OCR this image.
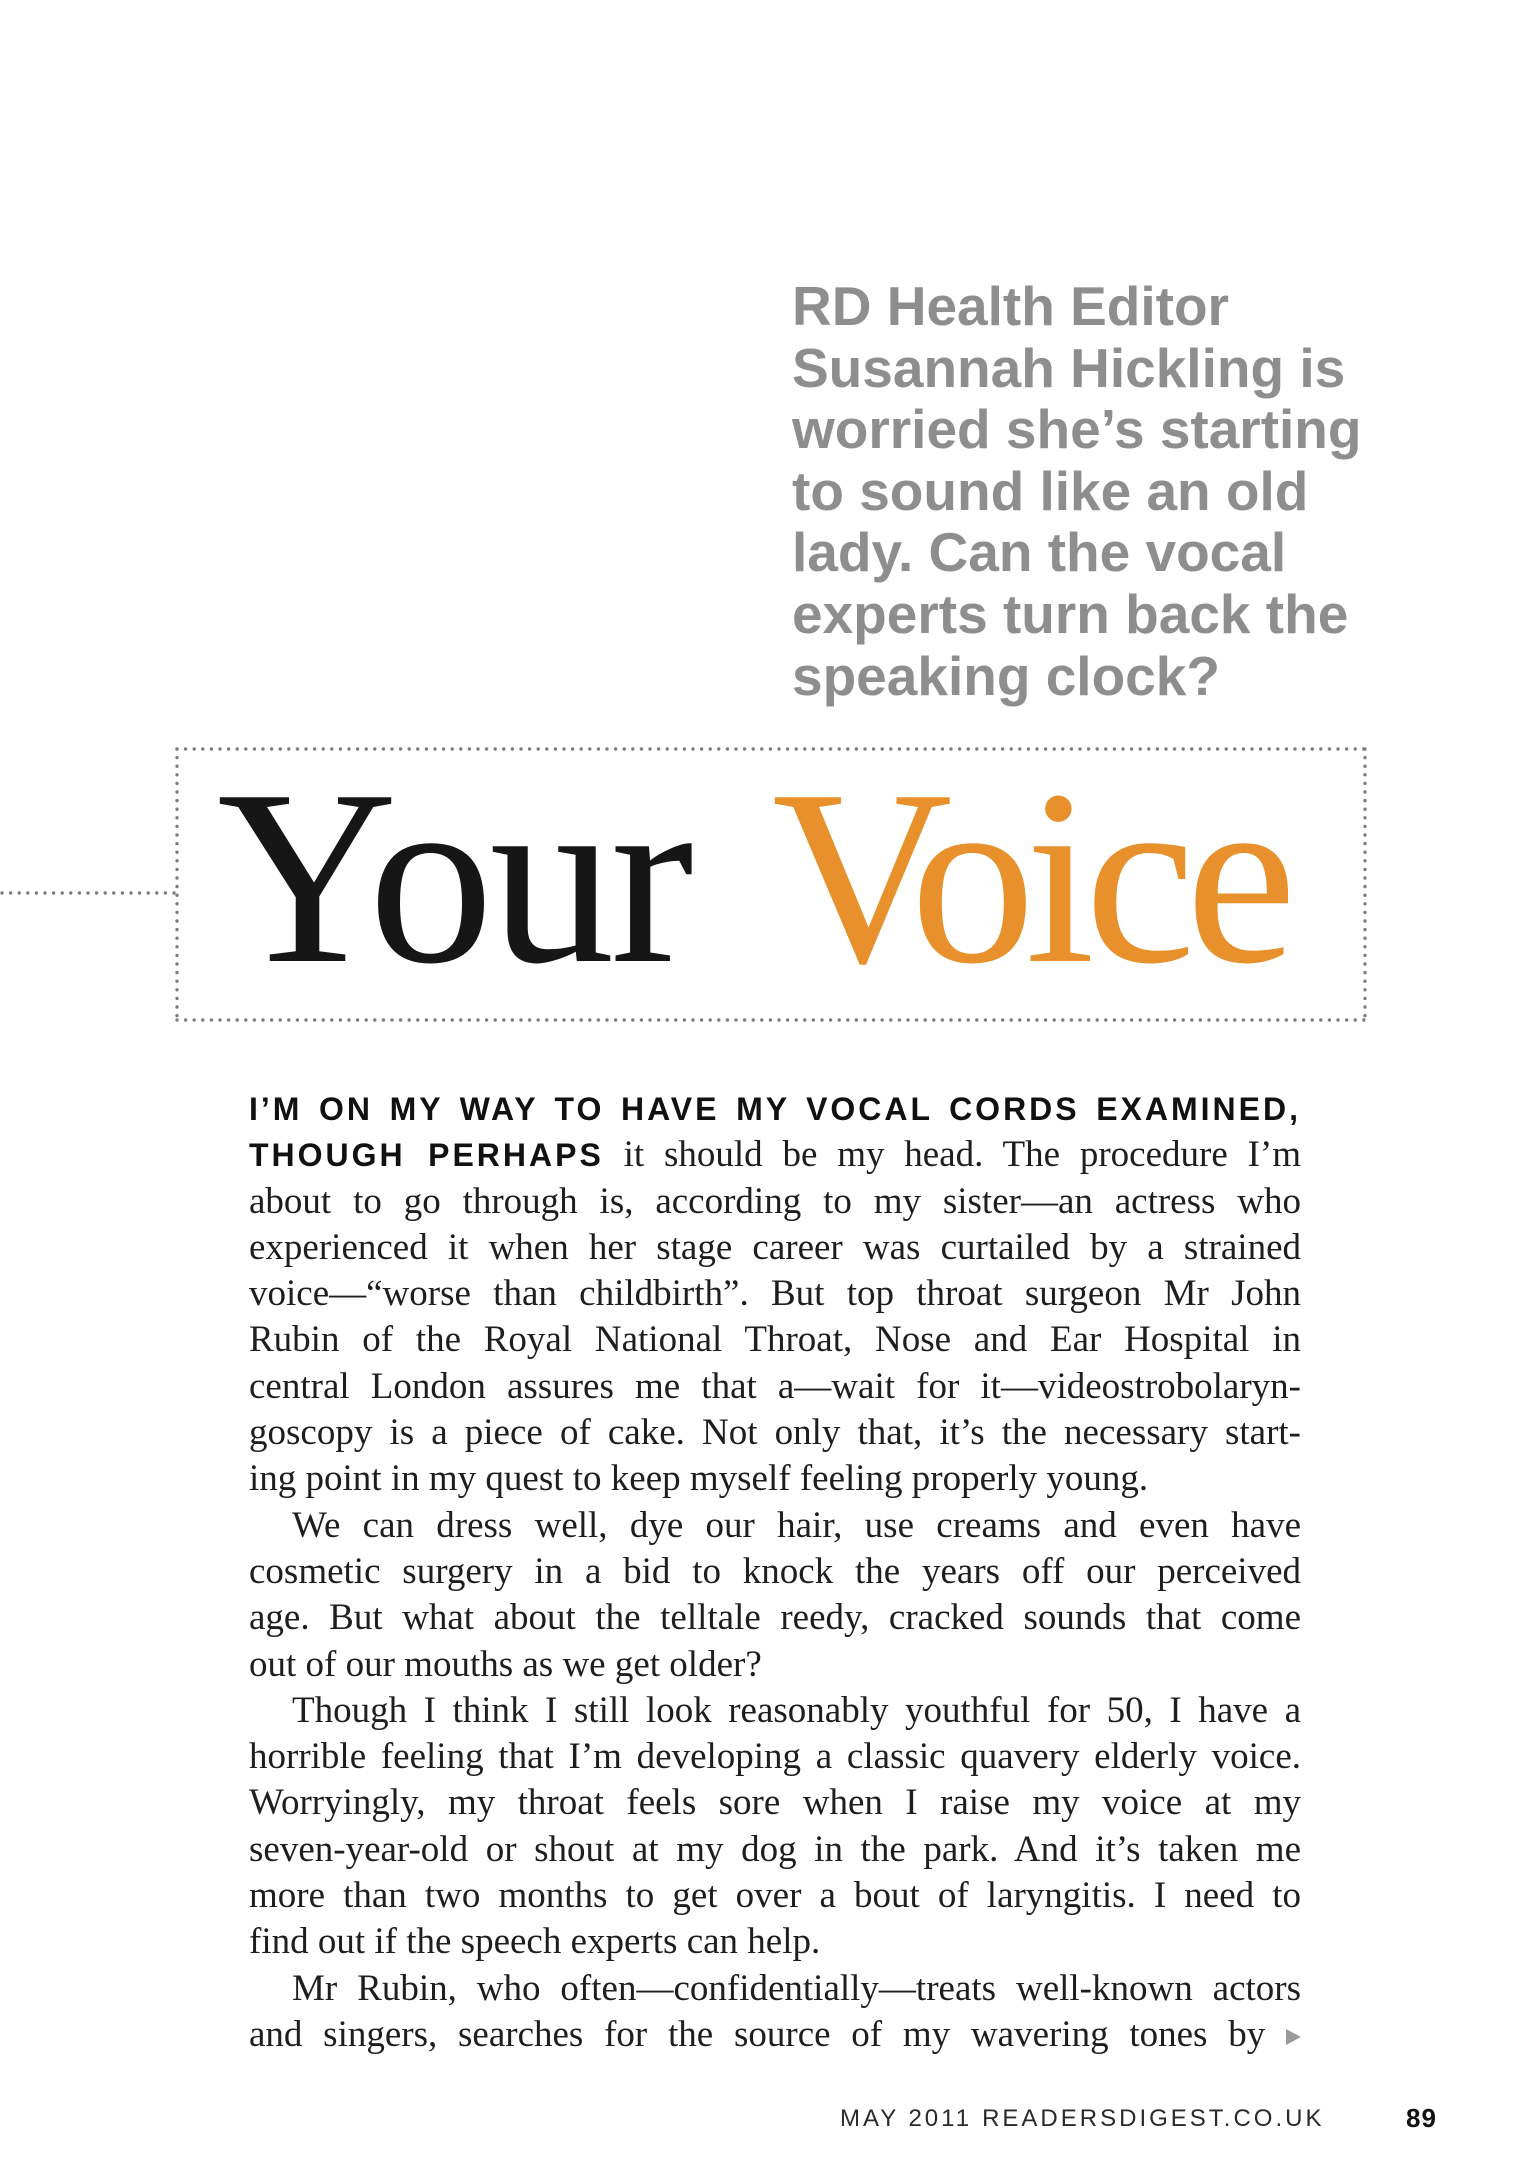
RD Health Editor
Susannah Hickling is
worried she’s starting
to sound like an old
lady. Can the vocal
experts turn back the
speaking clock?
Your Voice
I’M ON MY WAY TO HAVE MY VOCAL CORDS EXAMINED,
THOUGH PERHAPS it should be my head. The procedure I’m
about to go through is, according to my sister—an actress who
experienced it when her stage career was curtailed by a strained
voice—“worse than childbirth”. But top throat surgeon Mr John
Rubin of the Royal National Throat, Nose and Ear Hospital in
central London assures me that a—wait for it—videostrobolaryn-
goscopy is a piece of cake. Not only that, it’s the necessary start-
ing point in my quest to keep myself feeling properly young.
We can dress well, dye our hair, use creams and even have
cosmetic surgery in a bid to knock the years off our perceived
age. But what about the telltale reedy, cracked sounds that come
out of our mouths as we get older?
Though I think I still look reasonably youthful for 50, I have a
horrible feeling that I’m developing a classic quavery elderly voice.
Worryingly, my throat feels sore when I raise my voice at my
seven-year-old or shout at my dog in the park. And it’s taken me
more than two months to get over a bout of laryngitis. I need to
find out if the speech experts can help.
Mr Rubin, who often—confidentially—treats well-known actors
and singers, searches for the source of my wavering tones by
MAY 2011 READERSDIGEST.CO.UK	89
